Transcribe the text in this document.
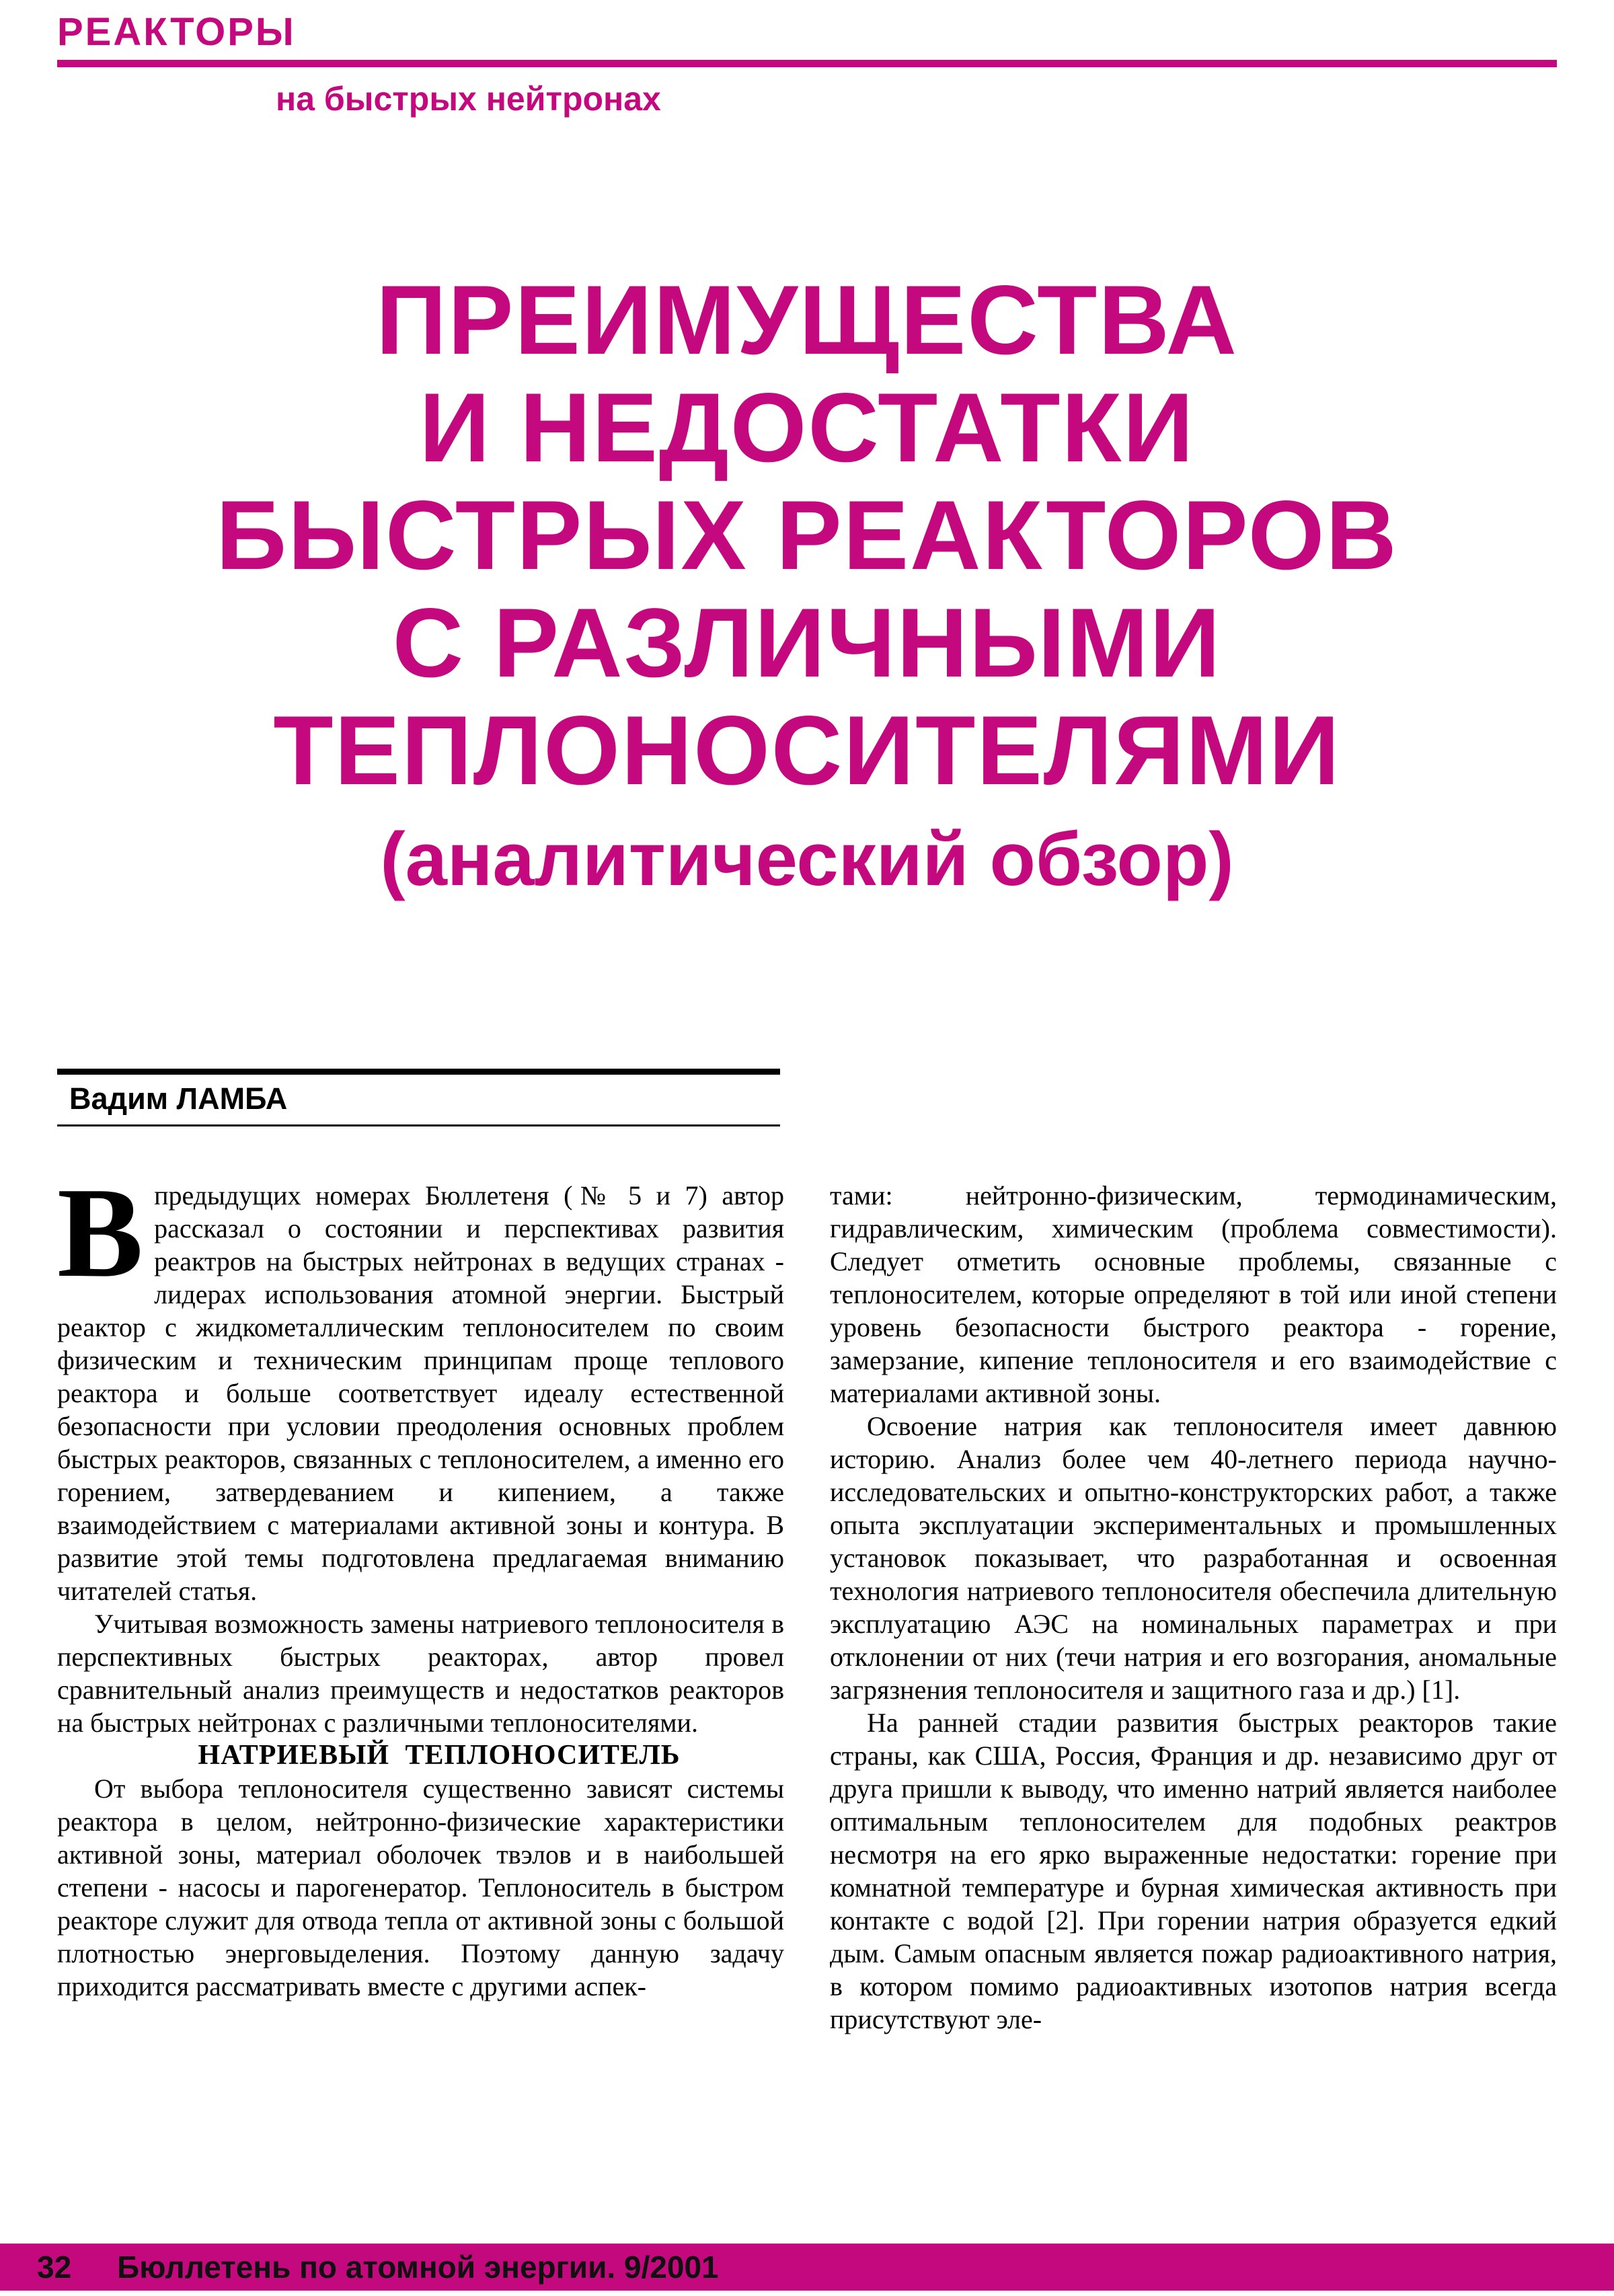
РЕАКТОРЫ
на быстрых нейтронах
ПРЕИМУЩЕСТВА
И НЕДОСТАТКИ
БЫСТРЫХ РЕАКТОРОВ
С РАЗЛИЧНЫМИ
ТЕПЛОНОСИТЕЛЯМИ
(аналитический обзор)
Вадим ЛАМБА

Впредыдущих номерах Бюллетеня (№ 5 и 7) автор рассказал о состоянии и перспективах развития реактров на быстрых нейтронах в ведущих странах - лидерах использования атомной энергии. Быстрый реактор с жидкометаллическим теплоносителем по своим физическим и техническим принципам проще теплового реактора и больше соответствует идеалу естественной безопасности при условии преодоления основных проблем быстрых реакторов, связанных с теплоносителем, а именно его горением, затвердеванием и кипением, а также взаимодействием с материалами активной зоны и контура. В развитие этой темы подготовлена предлагаемая вниманию читателей статья.

Учитывая возможность замены натриевого теплоносителя в перспективных быстрых реакторах, автор провел сравнительный анализ преимуществ и недостатков реакторов на быстрых нейтронах с различными теплоносителями.

НАТРИЕВЫЙ ТЕПЛОНОСИТЕЛЬ

От выбора теплоносителя существенно зависят системы реактора в целом, нейтронно-физические характеристики активной зоны, материал оболочек твэлов и в наибольшей степени - насосы и парогенератор. Теплоноситель в быстром реакторе служит для отвода тепла от активной зоны с большой плотностью энерговыделения. Поэтому данную задачу приходится рассматривать вместе с другими аспек-

тами: нейтронно-физическим, термодинамическим, гидравлическим, химическим (проблема совместимости). Следует отметить основные проблемы, связанные с теплоносителем, которые определяют в той или иной степени уровень безопасности быстрого реактора - горение, замерзание, кипение теплоносителя и его взаимодействие с материалами активной зоны.

Освоение натрия как теплоносителя имеет давнюю историю. Анализ более чем 40-летнего периода научно-исследовательских и опытно-конструкторских работ, а также опыта эксплуатации экспериментальных и промышленных установок показывает, что разработанная и освоенная технология натриевого теплоносителя обеспечила длительную эксплуатацию АЭС на номинальных параметрах и при отклонении от них (течи натрия и его возгорания, аномальные загрязнения теплоносителя и защитного газа и др.) [1].

На ранней стадии развития быстрых реакторов такие страны, как США, Россия, Франция и др. независимо друг от друга пришли к выводу, что именно натрий является наиболее оптимальным теплоносителем для подобных реактров несмотря на его ярко выраженные недостатки: горение при комнатной температуре и бурная химическая активность при контакте с водой [2]. При горении натрия образуется едкий дым. Самым опасным является пожар радиоактивного натрия, в котором помимо радиоактивных изотопов натрия всегда присутствуют эле-

32 Бюллетень по атомной энергии. 9/2001
